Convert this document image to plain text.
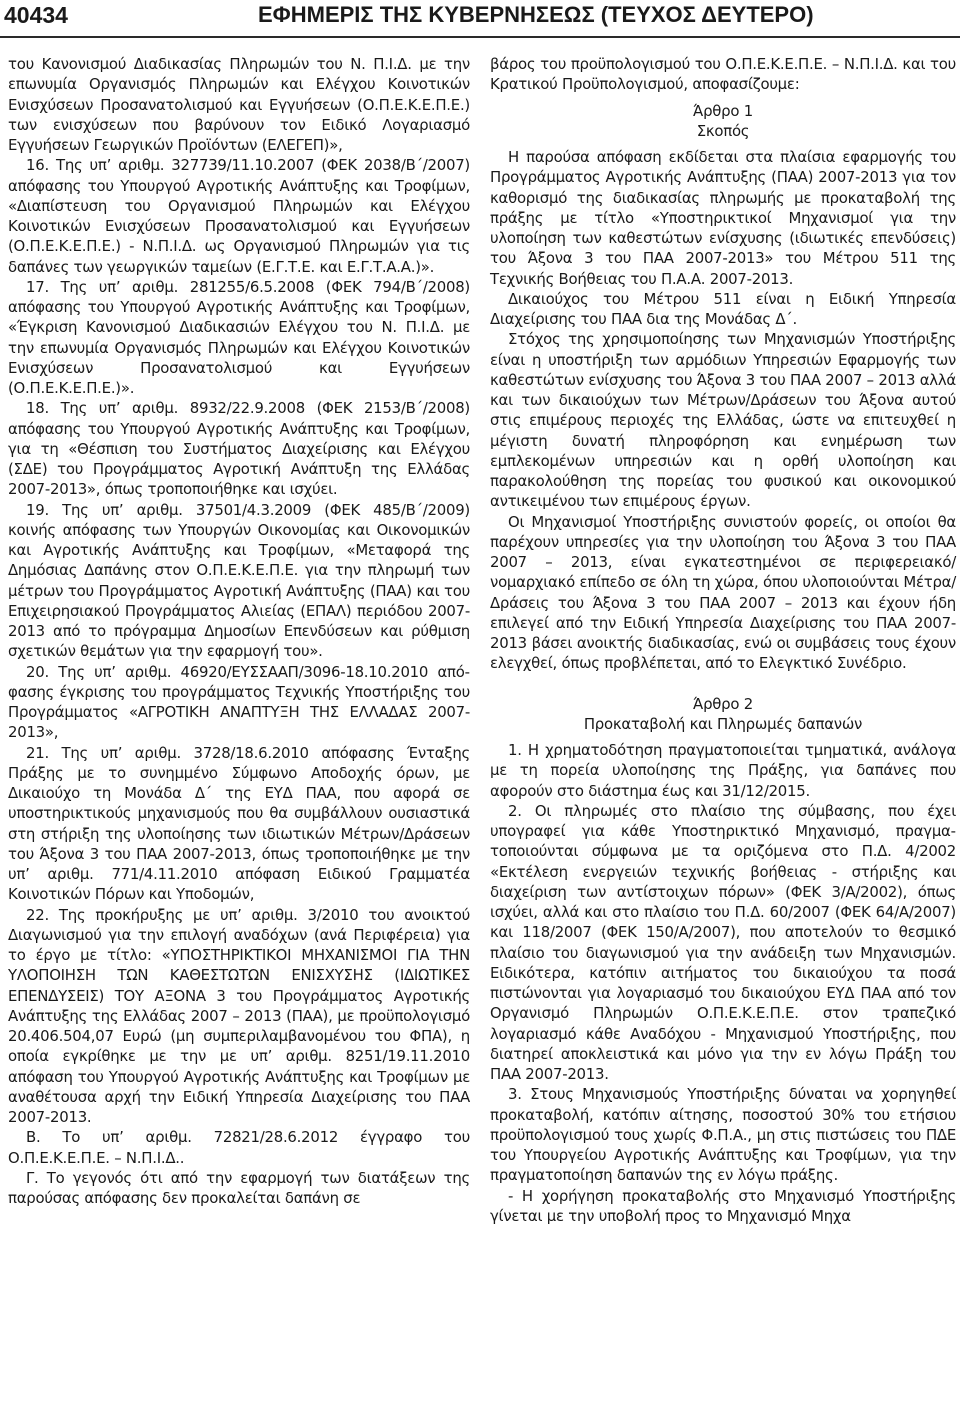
40434	ΕΦΗΜΕΡΙΣ ΤΗΣ ΚΥΒΕΡΝΗΣΕΩΣ (ΤΕΥΧΟΣ ΔΕΥΤΕΡΟ)

του Κανονισμού Διαδικασίας Πληρωμών του Ν. Π.Ι.Δ. με την επωνυμία Οργανισμός Πληρωμών και Ελέγχου Κοινοτικών Ενισχύσεων Προσανατολισμού και Εγγυήσεων (Ο.Π.Ε.Κ.Ε.Π.Ε.) των ενισχύσεων που βαρύνουν τον Ειδικό Λογαριασμό Εγγυήσεων Γεωργικών Προϊόντων (ΕΛΕΓΕΠ)»,

16. Της υπ’ αριθμ. 327739/11.10.2007 (ΦΕΚ 2038/Β΄/2007) απόφασης του Υπουργού Αγροτικής Ανάπτυξης και Τροφίμων, «Διαπίστευση του Οργανισμού Πληρωμών και Ελέγχου Κοινοτικών Ενισχύσεων Προσανατολισμού και Εγγυήσεων (Ο.Π.Ε.Κ.Ε.Π.Ε.) - Ν.Π.Ι.Δ. ως Οργανισμού Πληρωμών για τις δαπάνες των γεωργικών ταμείων (Ε.Γ.Τ.Ε. και Ε.Γ.Τ.Α.Α.)».

17. Της υπ’ αριθμ. 281255/6.5.2008 (ΦΕΚ 794/Β΄/2008) απόφασης του Υπουργού Αγροτικής Ανάπτυξης και Τροφίμων, «Έγκριση Κανονισμού Διαδικασιών Ελέγχου του Ν. Π.Ι.Δ. με την επωνυμία Οργανισμός Πληρωμών και Ελέγχου Κοινοτικών Ενισχύσεων Προσανατολισμού και Εγγυήσεων (Ο.Π.Ε.Κ.Ε.Π.Ε.)».

18. Της υπ’ αριθμ. 8932/22.9.2008 (ΦΕΚ 2153/Β΄/2008) απόφασης του Υπουργού Αγροτικής Ανάπτυξης και Τροφίμων, για τη «Θέσπιση του Συστήματος Διαχείρισης και Ελέγχου (ΣΔΕ) του Προγράμματος Αγροτική Ανάπτυξη της Ελλάδας 2007-2013», όπως τροποποιήθηκε και ισχύει.

19. Της υπ’ αριθμ. 37501/4.3.2009 (ΦΕΚ 485/Β΄/2009) κοινής απόφασης των Υπουργών Οικονομίας και Οικονομικών και Αγροτικής Ανάπτυξης και Τροφίμων, «Μεταφορά της Δημόσιας Δαπάνης στον Ο.Π.Ε.Κ.Ε.Π.Ε. για την πληρωμή των μέτρων του Προγράμματος Αγροτική Ανάπτυξης (ΠΑΑ) και του Επιχειρησιακού Προγράμματος Αλιείας (ΕΠΑΛ) περιόδου 2007-2013 από το πρόγραμμα Δημοσίων Επενδύσεων και ρύθμιση σχετικών θεμάτων για την εφαρμογή του».

20. Της υπ’ αριθμ. 46920/ΕΥΣΣΑΑΠ/3096-18.10.2010 απόφασης έγκρισης του προγράμματος Τεχνικής Υποστήριξης του Προγράμματος «ΑΓΡΟΤΙΚΗ ΑΝΑΠΤΥΞΗ ΤΗΣ ΕΛΛΑΔΑΣ 2007-2013»,

21. Της υπ’ αριθμ. 3728/18.6.2010 απόφασης Ένταξης Πράξης με το συνημμένο Σύμφωνο Αποδοχής όρων, με Δικαιούχο τη Μονάδα Δ΄ της ΕΥΔ ΠΑΑ, που αφορά σε υποστηρικτικούς μηχανισμούς που θα συμβάλλουν ουσιαστικά στη στήριξη της υλοποίησης των ιδιωτικών Μέτρων/Δράσεων του Άξονα 3 του ΠΑΑ 2007-2013, όπως τροποποιήθηκε με την υπ’ αριθμ. 771/4.11.2010 απόφαση Ειδικού Γραμματέα Κοινοτικών Πόρων και Υποδομών,

22. Της προκήρυξης με υπ’ αριθμ. 3/2010 του ανοικτού Διαγωνισμού για την επιλογή αναδόχων (ανά Περιφέρεια) για το έργο με τίτλο: «ΥΠΟΣΤΗΡΙΚΤΙΚΟΙ ΜΗΧΑΝΙΣΜΟΙ ΓΙΑ ΤΗΝ ΥΛΟΠΟΙΗΣΗ ΤΩΝ ΚΑΘΕΣΤΩΤΩΝ ΕΝΙΣΧΥΣΗΣ (ΙΔΙΩΤΙΚΕΣ ΕΠΕΝΔΥΣΕΙΣ) ΤΟΥ ΑΞΟΝΑ 3 του Προγράμματος Αγροτικής Ανάπτυξης της Ελλάδας 2007 – 2013 (ΠΑΑ), με προϋπολογισμό 20.406.504,07 Ευρώ (μη συμπεριλαμβανομένου του ΦΠΑ), η οποία εγκρίθηκε με την με υπ’ αριθμ. 8251/19.11.2010 απόφαση του Υπουργού Αγροτικής Ανάπτυξης και Τροφίμων με αναθέτουσα αρχή την Ειδική Υπηρεσία Διαχείρισης του ΠΑΑ 2007-2013.

Β. Το υπ’ αριθμ. 72821/28.6.2012 έγγραφο του Ο.Π.Ε.Κ.Ε.Π.Ε. – Ν.Π.Ι.Δ..

Γ. Το γεγονός ότι από την εφαρμογή των διατάξεων της παρούσας απόφασης δεν προκαλείται δαπάνη σε

βάρος του προϋπολογισμού του Ο.Π.Ε.Κ.Ε.Π.Ε. – Ν.Π.Ι.Δ. και του Κρατικού Προϋπολογισμού, αποφασίζουμε:

Άρθρο 1

Σκοπός

Η παρούσα απόφαση εκδίδεται στα πλαίσια εφαρμογής του Προγράμματος Αγροτικής Ανάπτυξης (ΠΑΑ) 2007-2013 για τον καθορισμό της διαδικασίας πληρωμής με προκαταβολή της πράξης με τίτλο «Υποστηρικτικοί Μηχανισμοί για την υλοποίηση των καθεστώτων ενίσχυσης (ιδιωτικές επενδύσεις) του Άξονα 3 του ΠΑΑ 2007-2013» του Μέτρου 511 της Τεχνικής Βοήθειας του Π.Α.Α. 2007-2013.

Δικαιούχος του Μέτρου 511 είναι η Ειδική Υπηρεσία Διαχείρισης του ΠΑΑ δια της Μονάδας Δ΄.

Στόχος της χρησιμοποίησης των Μηχανισμών Υποστήριξης είναι η υποστήριξη των αρμόδιων Υπηρεσιών Εφαρμογής των καθεστώτων ενίσχυσης του Άξονα 3 του ΠΑΑ 2007 – 2013 αλλά και των δικαιούχων των Μέτρων/Δράσεων του Άξονα αυτού στις επιμέρους περιοχές της Ελλάδας, ώστε να επιτευχθεί η μέγιστη δυνατή πληροφόρηση και ενημέρωση των εμπλεκομένων υπηρεσιών και η ορθή υλοποίηση και παρακολούθηση της πορείας του φυσικού και οικονομικού αντικειμένου των επιμέρους έργων.

Οι Μηχανισμοί Υποστήριξης συνιστούν φορείς, οι οποίοι θα παρέχουν υπηρεσίες για την υλοποίηση του Άξονα 3 του ΠΑΑ 2007 – 2013, είναι εγκατεστημένοι σε περιφερειακό/ νομαρχιακό επίπεδο σε όλη τη χώρα, όπου υλοποιούνται Μέτρα/Δράσεις του Άξονα 3 του ΠΑΑ 2007 – 2013 και έχουν ήδη επιλεγεί από την Ειδική Υπηρεσία Διαχείρισης του ΠΑΑ 2007-2013 βάσει ανοικτής διαδικασίας, ενώ οι συμβάσεις τους έχουν ελεγχθεί, όπως προβλέπεται, από το Ελεγκτικό Συνέδριο.

Άρθρο 2

Προκαταβολή και Πληρωμές δαπανών

1. Η χρηματοδότηση πραγματοποιείται τμηματικά, ανάλογα με τη πορεία υλοποίησης της Πράξης, για δαπάνες που αφορούν στο διάστημα έως και 31/12/2015.

2. Οι πληρωμές στο πλαίσιο της σύμβασης, που έχει υπογραφεί για κάθε Υποστηρικτικό Μηχανισμό, πραγματοποιούνται σύμφωνα με τα οριζόμενα στο Π.Δ. 4/2002 «Εκτέλεση ενεργειών τεχνικής βοήθειας - στήριξης και διαχείριση των αντίστοιχων πόρων» (ΦΕΚ 3/Α/2002), όπως ισχύει, αλλά και στο πλαίσιο του Π.Δ. 60/2007 (ΦΕΚ 64/Α/2007) και 118/2007 (ΦΕΚ 150/Α/2007), που αποτελούν το θεσμικό πλαίσιο του διαγωνισμού για την ανάδειξη των Μηχανισμών. Ειδικότερα, κατόπιν αιτήματος του δικαιούχου τα ποσά πιστώνονται για λογαριασμό του δικαιούχου ΕΥΔ ΠΑΑ από τον Οργανισμό Πληρωμών Ο.Π.Ε.Κ.Ε.Π.Ε. στον τραπεζικό λογαριασμό κάθε Αναδόχου - Μηχανισμού Υποστήριξης, που διατηρεί αποκλειστικά και μόνο για την εν λόγω Πράξη του ΠΑΑ 2007-2013.

3. Στους Μηχανισμούς Υποστήριξης δύναται να χορηγηθεί προκαταβολή, κατόπιν αίτησης, ποσοστού 30% του ετήσιου προϋπολογισμού τους χωρίς Φ.Π.Α., μη στις πιστώσεις του ΠΔΕ του Υπουργείου Αγροτικής Ανάπτυξης και Τροφίμων, για την πραγματοποίηση δαπανών της εν λόγω πράξης.

- Η χορήγηση προκαταβολής στο Μηχανισμό Υποστήριξης γίνεται με την υποβολή προς το Μηχανισμό Μηχα
